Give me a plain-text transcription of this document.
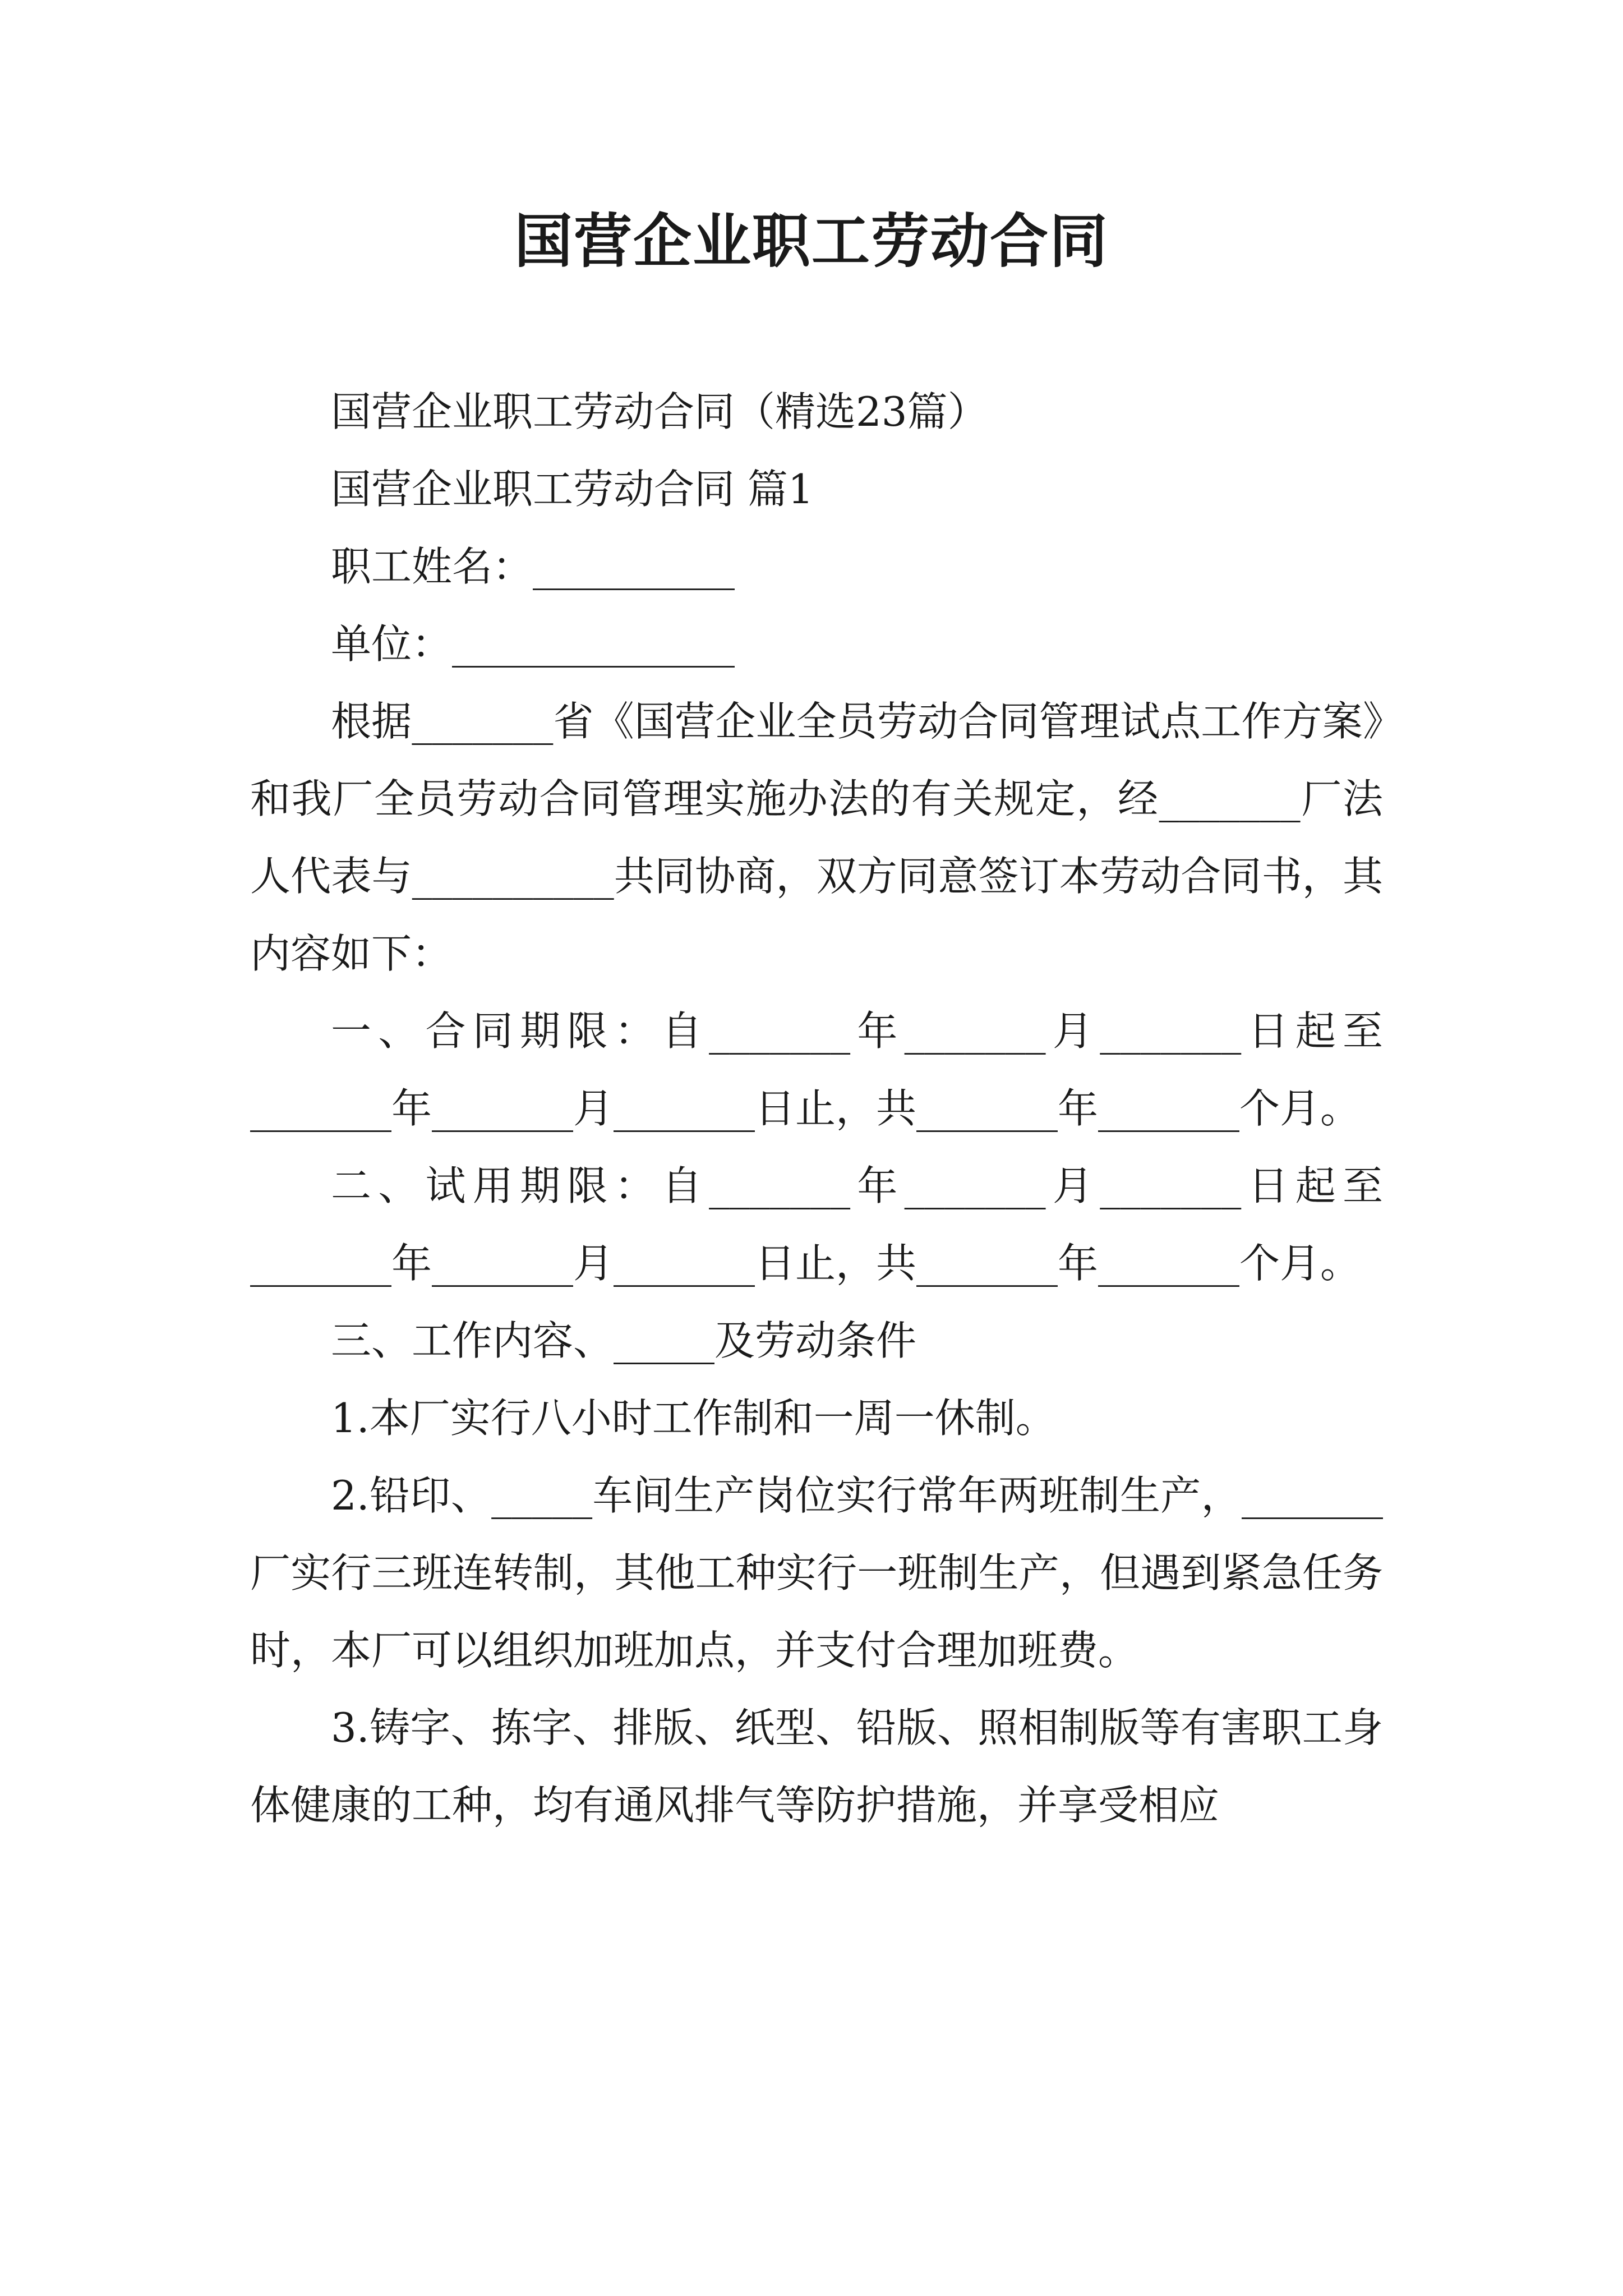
国营企业职工劳动合同

国营企业职工劳动合同（精选23篇）

国营企业职工劳动合同 篇1

职工姓名：__________

单位：______________

根据_______省《国营企业全员劳动合同管理试点工作方案》和我厂全员劳动合同管理实施办法的有关规定，经_______厂法人代表与__________共同协商，双方同意签订本劳动合同书，其内容如下：

一、合同期限：自_______年_______月_______日起至_______年_______月_______日止，共_______年_______个月。

二、试用期限：自_______年_______月_______日起至_______年_______月_______日止，共_______年_______个月。

三、工作内容、_____及劳动条件

1.本厂实行八小时工作制和一周一休制。

2.铅印、_____车间生产岗位实行常年两班制生产，_______厂实行三班连转制，其他工种实行一班制生产，但遇到紧急任务时，本厂可以组织加班加点，并支付合理加班费。

3.铸字、拣字、排版、纸型、铅版、照相制版等有害职工身体健康的工种，均有通风排气等防护措施，并享受相应
